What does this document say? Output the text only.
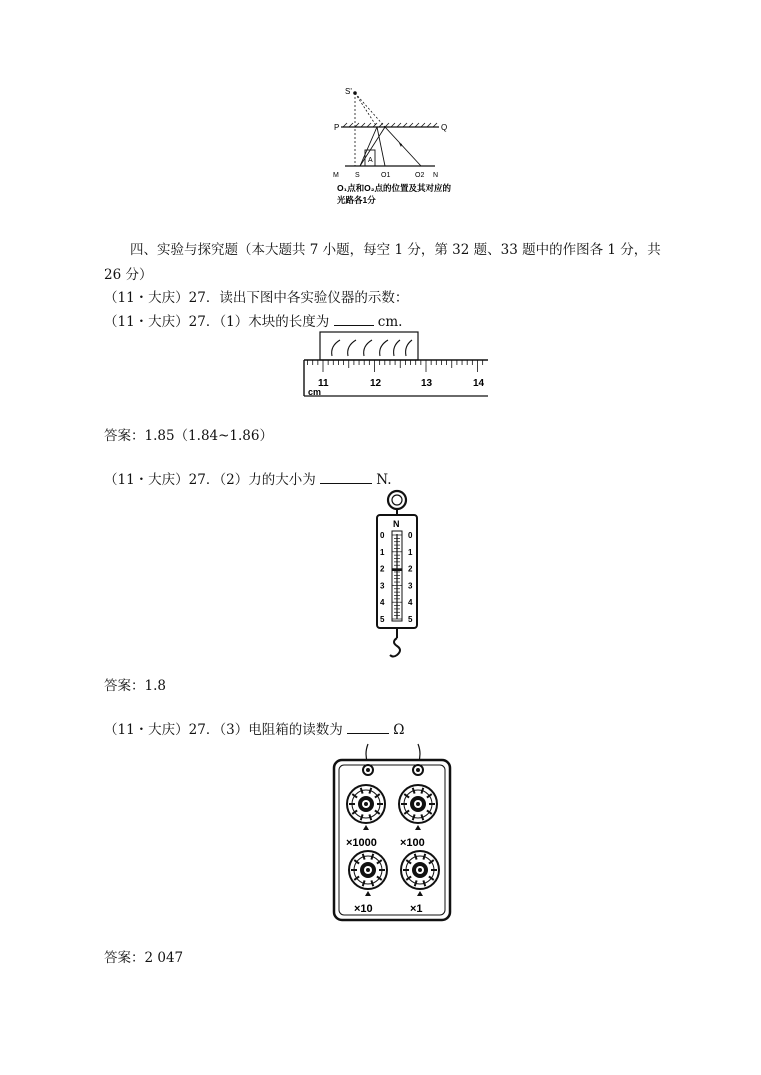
S'
P	Q
A
M S	O1	O2 N
O₁点和O₂点的位置及其对应的
光路各1分
四、实验与探究题（本大题共 7 小题，每空 1 分，第 32 题、33 题中的作图各 1 分，共
26 分）
（11・大庆）27．读出下图中各实验仪器的示数：
（11・大庆）27．（1）木块的长度为	cm.
11	12	13	14
cm
答案：1.85（1.84~1.86）
（11・大庆）27．（2）力的大小为	N.
N
0
1
2
3
4
5
0
1
2
3
4
5
答案：1.8
（11・大庆）27．（3）电阻箱的读数为	Ω
×1000 ×100
×10	×1
答案：2 047
